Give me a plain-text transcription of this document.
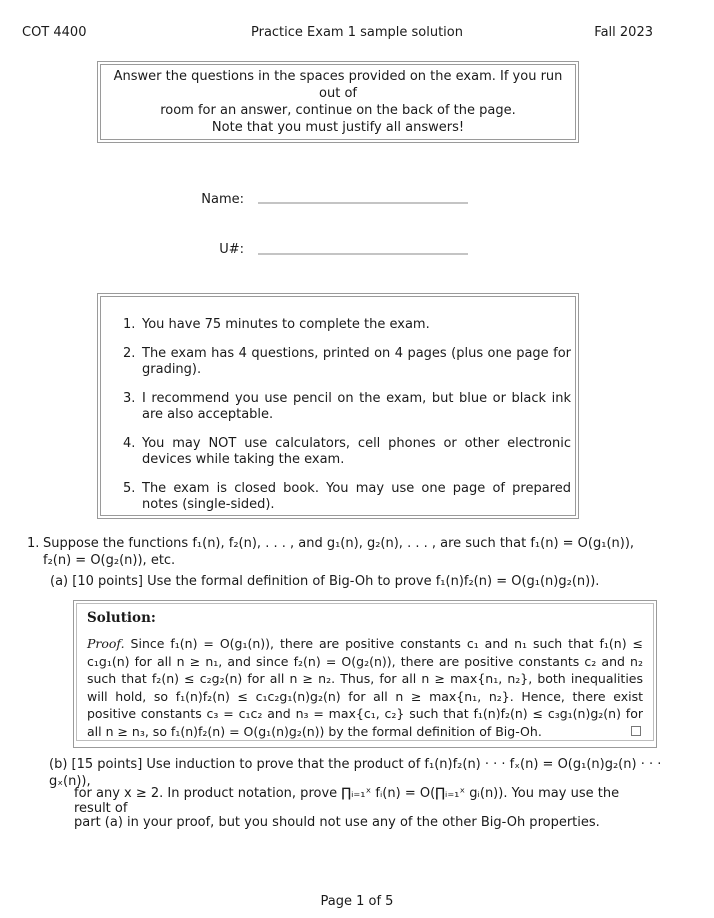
COT 4400	Practice Exam 1 sample solution	Fall 2023
Answer the questions in the spaces provided on the exam. If you run out of
room for an answer, continue on the back of the page.
Note that you must justify all answers!
Name:
U#:
1. You have 75 minutes to complete the exam.
2. The exam has 4 questions, printed on 4 pages (plus one page for grading).
3. I recommend you use pencil on the exam, but blue or black ink are also acceptable.
4. You may NOT use calculators, cell phones or other electronic devices while taking the exam.
5. The exam is closed book. You may use one page of prepared notes (single-sided).
1. Suppose the functions f₁(n), f₂(n), . . . , and g₁(n), g₂(n), . . . , are such that f₁(n) = O(g₁(n)), f₂(n) = O(g₂(n)), etc.
(a) [10 points] Use the formal definition of Big-Oh to prove f₁(n)f₂(n) = O(g₁(n)g₂(n)).
Solution:
Proof. Since f₁(n) = O(g₁(n)), there are positive constants c₁ and n₁ such that f₁(n) ≤ c₁g₁(n) for all n ≥ n₁, and since f₂(n) = O(g₂(n)), there are positive constants c₂ and n₂ such that f₂(n) ≤ c₂g₂(n) for all n ≥ n₂. Thus, for all n ≥ max{n₁, n₂}, both inequalities will hold, so f₁(n)f₂(n) ≤ c₁c₂g₁(n)g₂(n) for all n ≥ max{n₁, n₂}. Hence, there exist positive constants c₃ = c₁c₂ and n₃ = max{c₁, c₂} such that f₁(n)f₂(n) ≤ c₃g₁(n)g₂(n) for all n ≥ n₃, so f₁(n)f₂(n) = O(g₁(n)g₂(n)) by the formal definition of Big-Oh.
(b) [15 points] Use induction to prove that the product of f₁(n)f₂(n) · · · fₓ(n) = O(g₁(n)g₂(n) · · · gₓ(n)),
for any x ≥ 2. In product notation, prove ∏ᵢ₌₁ˣ fᵢ(n) = O(∏ᵢ₌₁ˣ gᵢ(n)). You may use the result of
part (a) in your proof, but you should not use any of the other Big-Oh properties.
Page 1 of 5
